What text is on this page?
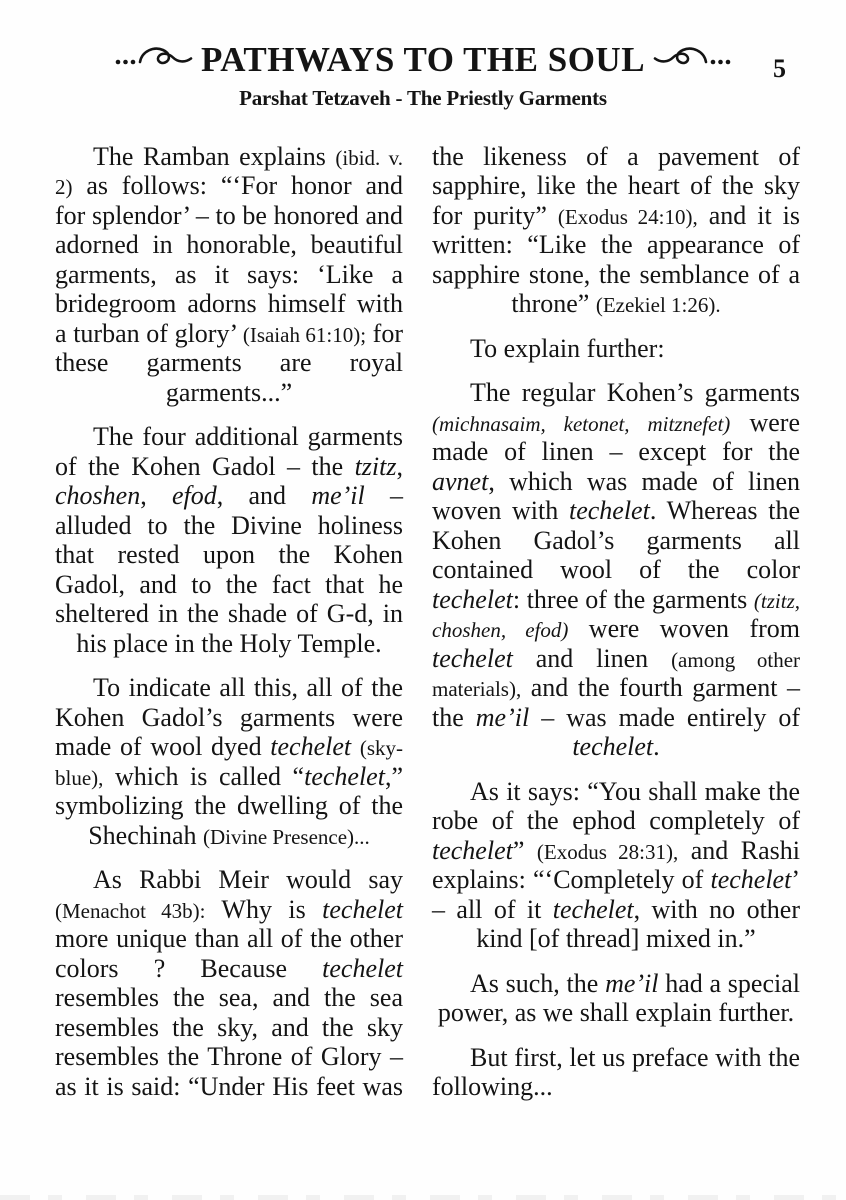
PATHWAYS TO THE SOUL	5
Parshat Tetzaveh - The Priestly Garments

The Ramban explains (ibid. v. 2) as follows: “‘For honor and for splendor’ – to be honored and adorned in honorable, beautiful garments, as it says: ‘Like a bridegroom adorns himself with a turban of glory’ (Isaiah 61:10); for these garments are royal garments...”

The four additional garments of the Kohen Gadol – the tzitz, choshen, efod, and me’il – alluded to the Divine holiness that rested upon the Kohen Gadol, and to the fact that he sheltered in the shade of G-d, in his place in the Holy Temple.

To indicate all this, all of the Kohen Gadol’s garments were made of wool dyed techelet (sky-blue), which is called “techelet,” symbolizing the dwelling of the Shechinah (Divine Presence)...

As Rabbi Meir would say (Menachot 43b): Why is techelet more unique than all of the other colors ? Because techelet resembles the sea, and the sea resembles the sky, and the sky resembles the Throne of Glory – as it is said: “Under His feet was

the likeness of a pavement of sapphire, like the heart of the sky for purity” (Exodus 24:10), and it is written: “Like the appearance of sapphire stone, the semblance of a throne” (Ezekiel 1:26).

To explain further:

The regular Kohen’s garments (michnasaim, ketonet, mitznefet) were made of linen – except for the avnet, which was made of linen woven with techelet. Whereas the Kohen Gadol’s garments all contained wool of the color techelet: three of the garments (tzitz, choshen, efod) were woven from techelet and linen (among other materials), and the fourth garment – the me’il – was made entirely of techelet.

As it says: “You shall make the robe of the ephod completely of techelet” (Exodus 28:31), and Rashi explains: “‘Completely of techelet’ – all of it techelet, with no other kind [of thread] mixed in.”

As such, the me’il had a special power, as we shall explain further.

But first, let us preface with the following...
